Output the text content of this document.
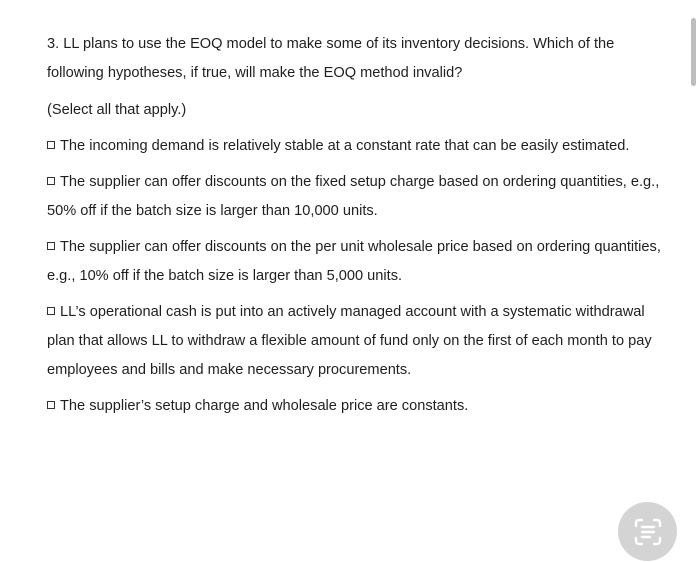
3. LL plans to use the EOQ model to make some of its inventory decisions. Which of the following hypotheses, if true, will make the EOQ method invalid?

(Select all that apply.)

The incoming demand is relatively stable at a constant rate that can be easily estimated.
The supplier can offer discounts on the fixed setup charge based on ordering quantities, e.g., 50% off if the batch size is larger than 10,000 units.
The supplier can offer discounts on the per unit wholesale price based on ordering quantities, e.g., 10% off if the batch size is larger than 5,000 units.
LL’s operational cash is put into an actively managed account with a systematic withdrawal plan that allows LL to withdraw a flexible amount of fund only on the first of each month to pay employees and bills and make necessary procurements.
The supplier’s setup charge and wholesale price are constants.
